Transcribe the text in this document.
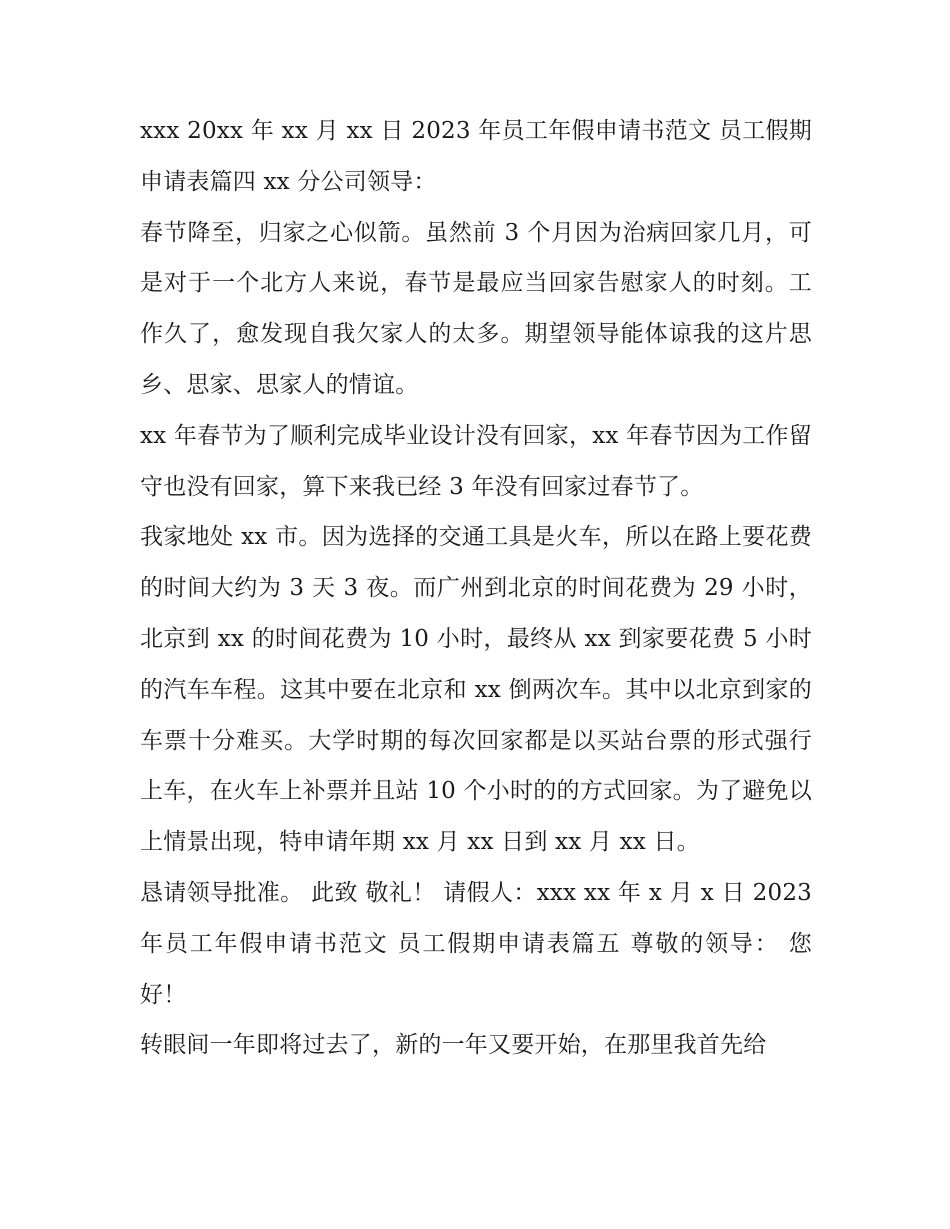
xxx 20xx 年 xx 月 xx 日 2023 年员工年假申请书范文 员工假期申请表篇四 xx 分公司领导：

春节降至，归家之心似箭。虽然前 3 个月因为治病回家几月，可是对于一个北方人来说，春节是最应当回家告慰家人的时刻。工作久了，愈发现自我欠家人的太多。期望领导能体谅我的这片思乡、思家、思家人的情谊。

xx 年春节为了顺利完成毕业设计没有回家，xx 年春节因为工作留守也没有回家，算下来我已经 3 年没有回家过春节了。

我家地处 xx 市。因为选择的交通工具是火车，所以在路上要花费的时间大约为 3 天 3 夜。而广州到北京的时间花费为 29 小时，北京到 xx 的时间花费为 10 小时，最终从 xx 到家要花费 5 小时的汽车车程。这其中要在北京和 xx 倒两次车。其中以北京到家的车票十分难买。大学时期的每次回家都是以买站台票的形式强行上车，在火车上补票并且站 10 个小时的的方式回家。为了避免以上情景出现，特申请年期 xx 月 xx 日到 xx 月 xx 日。

恳请领导批准。 此致 敬礼！ 请假人：xxx xx 年 x 月 x 日 2023 年员工年假申请书范文 员工假期申请表篇五 尊敬的领导： 您好！

转眼间一年即将过去了，新的一年又要开始，在那里我首先给
